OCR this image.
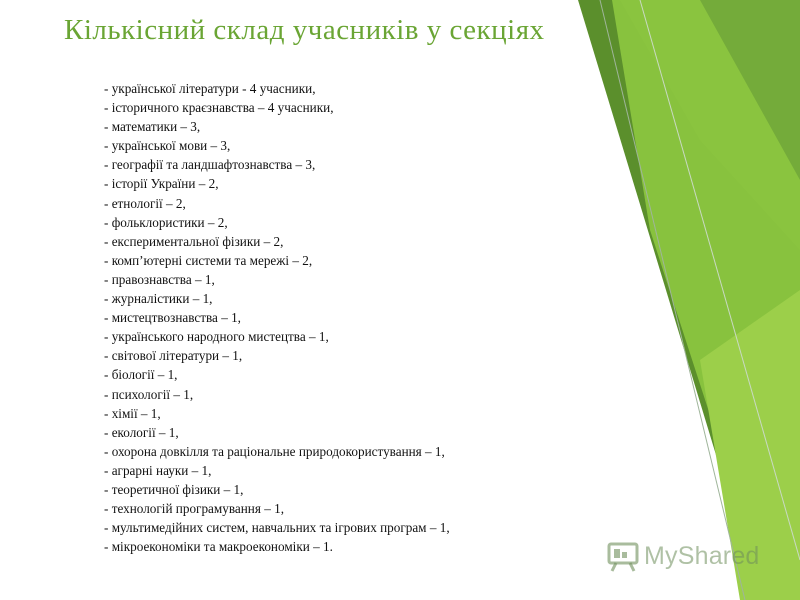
Кількісний склад учасників у секціях
- української літератури - 4 учасники,
- історичного краєзнавства – 4 учасники,
- математики – 3,
- української мови – 3,
- географії та ландшафтознавства – 3,
- історії України – 2,
- етнології – 2,
- фольклористики – 2,
- експериментальної фізики – 2,
- комп’ютерні системи та мережі – 2,
- правознавства – 1,
- журналістики – 1,
- мистецтвознавства – 1,
- українського народного мистецтва – 1,
- світової літератури – 1,
- біології – 1,
- психології – 1,
- хімії – 1,
- екології – 1,
- охорона довкілля та раціональне природокористування – 1,
- аграрні науки – 1,
- теоретичної фізики – 1,
- технологій програмування – 1,
- мультимедійних систем, навчальних та ігрових програм – 1,
- мікроекономіки та макроекономіки – 1.	MyShared
